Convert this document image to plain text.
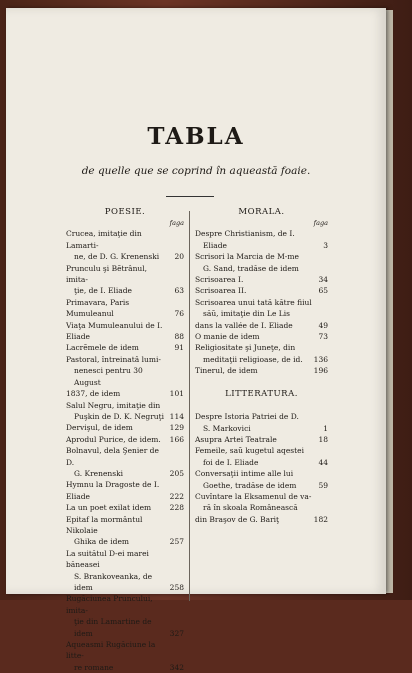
TABLA

de quelle que se coprind în aqueastă foaie.

POESIE.
faga
Crucea, imitaţie din Lamarti-
ne, de D. G. Krenenski	20
Prunculu şi Bĕtrânul, imita-
ţie, de I. Eliade	63
Primavara, Paris Mumuleanul	76
Viaţa Mumuleanului de I. Eliade	88
Lacrĕmele de idem	91
Pastoral, întreinatâ lumi-
nenesci pentru 30 August
1837, de idem	101
Salul Negru, imitaţie din
Puşkin de D. K. Negruţi 114
Dervişul, de idem	129
Aprodul Purice, de idem.	166
Bolnavul, dela Şenier de D.
G. Krenenski	205
Hymnu la Dragoste de I. Eliade	222
La un poet exilat idem	228
Epitaf la mormântul Nikolaie
Ghika de idem	257
La suitătul D-ei marei băneasei
S. Brankoveanka, de idem	258
Rugăciunea Pruncului, imita-
ţie din Lamartine de idem	327
Aqueasmi Rugăciune la litte-
re romane	342
MORALA.
faga
Despre Christianism, de I.
Eliade	3
Scrisori la Marcia de M-me
G. Sand, tradăse de idem
Scrisoarea I.	34
Scrisoarea II.	65
Scrisoarea unui tată kătre fiiul
săŭ, imitaţie din Le Lis
dans la vallée de I. Eliade	49
O manie de idem	73
Religiositate şi Juneţe, din
meditaţii religioase, de id.	136
Tinerul, de idem	196
LITTERATURA.
Despre Istoria Patriei de D.
S. Markovici	1
Asupra Artei Teatrale	18
Femeile, saŭ kugetul aqestei
foi de I. Eliade	44
Conversaţii intime alle lui
Goethe, tradăse de idem	59
Cuvîntare la Eksamenul de va-
ră în skoala Românească
din Braşov de G. Bariţ	182
